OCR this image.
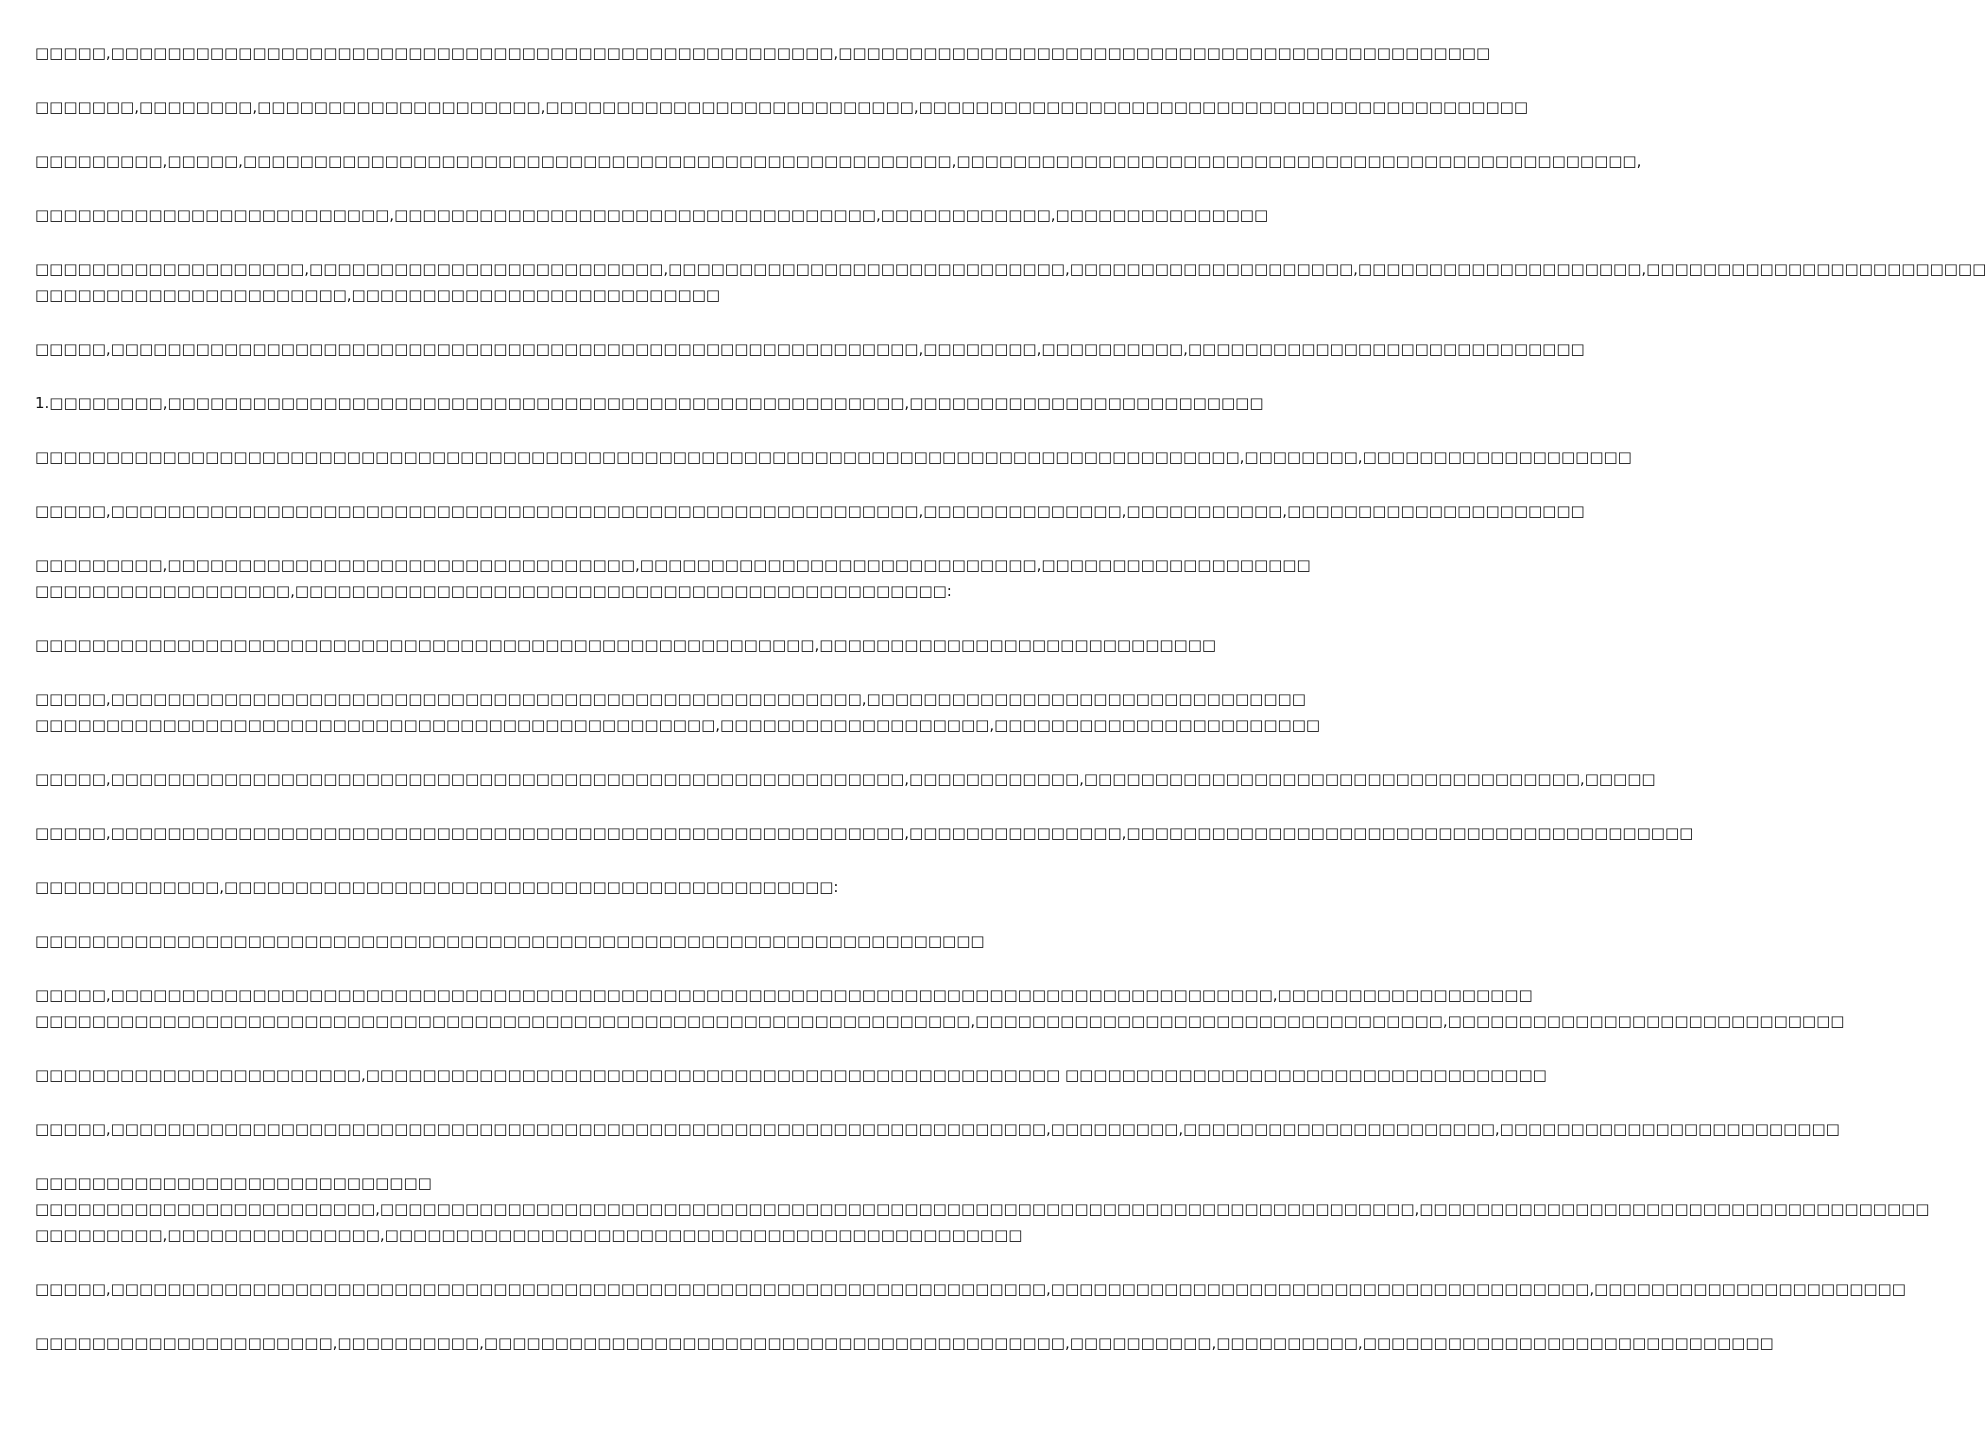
□□□□□,□□□□□□□□□□□□□□□□□□□□□□□□□□□□□□□□□□□□□□□□□□□□□□□□□□□,□□□□□□□□□□□□□□□□□□□□□□□□□□□□□□□□□□□□□□□□□□□□□□
□□□□□□□,□□□□□□□□,□□□□□□□□□□□□□□□□□□□□,□□□□□□□□□□□□□□□□□□□□□□□□□□,□□□□□□□□□□□□□□□□□□□□□□□□□□□□□□□□□□□□□□□□□□□
□□□□□□□□□,□□□□□,□□□□□□□□□□□□□□□□□□□□□□□□□□□□□□□□□□□□□□□□□□□□□□□□□□,□□□□□□□□□□□□□□□□□□□□□□□□□□□□□□□□□□□□□□□□□□□□□□□□,
□□□□□□□□□□□□□□□□□□□□□□□□□,□□□□□□□□□□□□□□□□□□□□□□□□□□□□□□□□□□,□□□□□□□□□□□□,□□□□□□□□□□□□□□□
□□□□□□□□□□□□□□□□□□□,□□□□□□□□□□□□□□□□□□□□□□□□□,□□□□□□□□□□□□□□□□□□□□□□□□□□□□,□□□□□□□□□□□□□□□□□□□□,□□□□□□□□□□□□□□□□□□□□,□□□□□□□□□□□□□□□□□□□□□□□□
□□□□□□□□□□□□□□□□□□□□□□,□□□□□□□□□□□□□□□□□□□□□□□□□□
□□□□□,□□□□□□□□□□□□□□□□□□□□□□□□□□□□□□□□□□□□□□□□□□□□□□□□□□□□□□□□□,□□□□□□□□,□□□□□□□□□□,□□□□□□□□□□□□□□□□□□□□□□□□□□□□
1.□□□□□□□□,□□□□□□□□□□□□□□□□□□□□□□□□□□□□□□□□□□□□□□□□□□□□□□□□□□□□,□□□□□□□□□□□□□□□□□□□□□□□□□
□□□□□□□□□□□□□□□□□□□□□□□□□□□□□□□□□□□□□□□□□□□□□□□□□□□□□□□□□□□□□□□□□□□□□□□□□□□□□□□□□□□□□,□□□□□□□□,□□□□□□□□□□□□□□□□□□□
□□□□□,□□□□□□□□□□□□□□□□□□□□□□□□□□□□□□□□□□□□□□□□□□□□□□□□□□□□□□□□□,□□□□□□□□□□□□□□,□□□□□□□□□□□,□□□□□□□□□□□□□□□□□□□□□
□□□□□□□□□,□□□□□□□□□□□□□□□□□□□□□□□□□□□□□□□□□,□□□□□□□□□□□□□□□□□□□□□□□□□□□□,□□□□□□□□□□□□□□□□□□□
□□□□□□□□□□□□□□□□□□,□□□□□□□□□□□□□□□□□□□□□□□□□□□□□□□□□□□□□□□□□□□□□□:
□□□□□□□□□□□□□□□□□□□□□□□□□□□□□□□□□□□□□□□□□□□□□□□□□□□□□□□,□□□□□□□□□□□□□□□□□□□□□□□□□□□□
□□□□□,□□□□□□□□□□□□□□□□□□□□□□□□□□□□□□□□□□□□□□□□□□□□□□□□□□□□□,□□□□□□□□□□□□□□□□□□□□□□□□□□□□□□□
□□□□□□□□□□□□□□□□□□□□□□□□□□□□□□□□□□□□□□□□□□□□□□□□,□□□□□□□□□□□□□□□□□□□,□□□□□□□□□□□□□□□□□□□□□□□
□□□□□,□□□□□□□□□□□□□□□□□□□□□□□□□□□□□□□□□□□□□□□□□□□□□□□□□□□□□□□□,□□□□□□□□□□□□,□□□□□□□□□□□□□□□□□□□□□□□□□□□□□□□□□□□,□□□□□
□□□□□,□□□□□□□□□□□□□□□□□□□□□□□□□□□□□□□□□□□□□□□□□□□□□□□□□□□□□□□□,□□□□□□□□□□□□□□□,□□□□□□□□□□□□□□□□□□□□□□□□□□□□□□□□□□□□□□□□
□□□□□□□□□□□□□,□□□□□□□□□□□□□□□□□□□□□□□□□□□□□□□□□□□□□□□□□□□:
□□□□□□□□□□□□□□□□□□□□□□□□□□□□□□□□□□□□□□□□□□□□□□□□□□□□□□□□□□□□□□□□□□□
□□□□□,□□□□□□□□□□□□□□□□□□□□□□□□□□□□□□□□□□□□□□□□□□□□□□□□□□□□□□□□□□□□□□□□□□□□□□□□□□□□□□□□□□,□□□□□□□□□□□□□□□□□□
□□□□□□□□□□□□□□□□□□□□□□□□□□□□□□□□□□□□□□□□□□□□□□□□□□□□□□□□□□□□□□□□□□,□□□□□□□□□□□□□□□□□□□□□□□□□□□□□□□□□,□□□□□□□□□□□□□□□□□□□□□□□□□□□□
□□□□□□□□□□□□□□□□□□□□□□□,□□□□□□□□□□□□□□□□□□□□□□□□□□□□□□□□□□□□□□□□□□□□□□□□□ □□□□□□□□□□□□□□□□□□□□□□□□□□□□□□□□□□
□□□□□,□□□□□□□□□□□□□□□□□□□□□□□□□□□□□□□□□□□□□□□□□□□□□□□□□□□□□□□□□□□□□□□□□□,□□□□□□□□□,□□□□□□□□□□□□□□□□□□□□□□,□□□□□□□□□□□□□□□□□□□□□□□□
□□□□□□□□□□□□□□□□□□□□□□□□□□□□
□□□□□□□□□□□□□□□□□□□□□□□□,□□□□□□□□□□□□□□□□□□□□□□□□□□□□□□□□□□□□□□□□□□□□□□□□□□□□□□□□□□□□□□□□□□□□□□□□□,□□□□□□□□□□□□□□□□□□□□□□□□□□□□□□□□□□□□
□□□□□□□□□,□□□□□□□□□□□□□□□,□□□□□□□□□□□□□□□□□□□□□□□□□□□□□□□□□□□□□□□□□□□□□
□□□□□,□□□□□□□□□□□□□□□□□□□□□□□□□□□□□□□□□□□□□□□□□□□□□□□□□□□□□□□□□□□□□□□□□□,□□□□□□□□□□□□□□□□□□□□□□□□□□□□□□□□□□□□□□,□□□□□□□□□□□□□□□□□□□□□□
□□□□□□□□□□□□□□□□□□□□□,□□□□□□□□□□,□□□□□□□□□□□□□□□□□□□□□□□□□□□□□□□□□□□□□□□□□,□□□□□□□□□□,□□□□□□□□□□,□□□□□□□□□□□□□□□□□□□□□□□□□□□□□
